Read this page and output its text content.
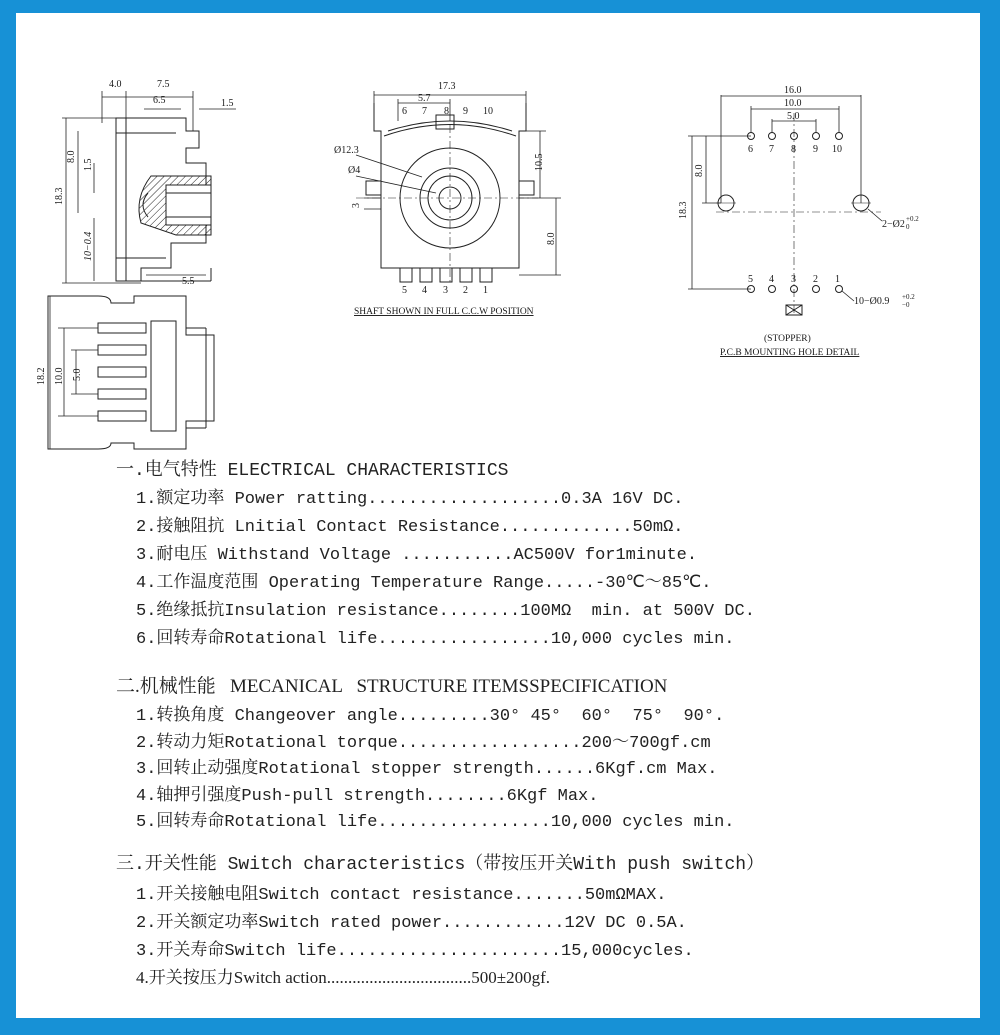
4.0	7.5
6.5	1.5
8.0
1.5
18.3
10−0.4
5.5
18.2 10.0 5.0
17.3
5.7
10.5
8.0
3
Ø12.3
Ø4
6 7 8 9 10
5 4 3 2 1
SHAFT SHOWN IN FULL C.C.W POSITION
16.0
10.0
5.0
8.0
18.3
6 7 8 9 10
5 4 3 2 1
2−Ø2 +0.2
0
10−Ø0.9 +0.2
−0
(STOPPER)
P.C.B MOUNTING HOLE DETAIL
一.电气特性 ELECTRICAL CHARACTERISTICS
1.额定功率 Power ratting...................0.3A 16V DC.
2.接触阻抗 Lnitial Contact Resistance.............50mΩ.
3.耐电压 Withstand Voltage ...........AC500V for1minute.
4.工作温度范围 Operating Temperature Range.....-30℃～85℃.
5.绝缘抵抗Insulation resistance........100MΩ  min. at 500V DC.
6.回转寿命Rotational life.................10,000 cycles min.
二.机械性能   MECANICAL   STRUCTURE ITEMSSPECIFICATION
1.转换角度 Changeover angle.........30° 45°  60°  75°  90°.
2.转动力矩Rotational torque..................200～700gf.cm
3.回转止动强度Rotational stopper strength......6Kgf.cm Max.
4.轴押引强度Push-pull strength........6Kgf Max.
5.回转寿命Rotational life.................10,000 cycles min.
三.开关性能 Switch characteristics（带按压开关With push switch）
1.开关接触电阻Switch contact resistance.......50mΩMAX.
2.开关额定功率Switch rated power............12V DC 0.5A.
3.开关寿命Switch life......................15,000cycles.
4.开关按压力Switch action..................................500±200gf.
